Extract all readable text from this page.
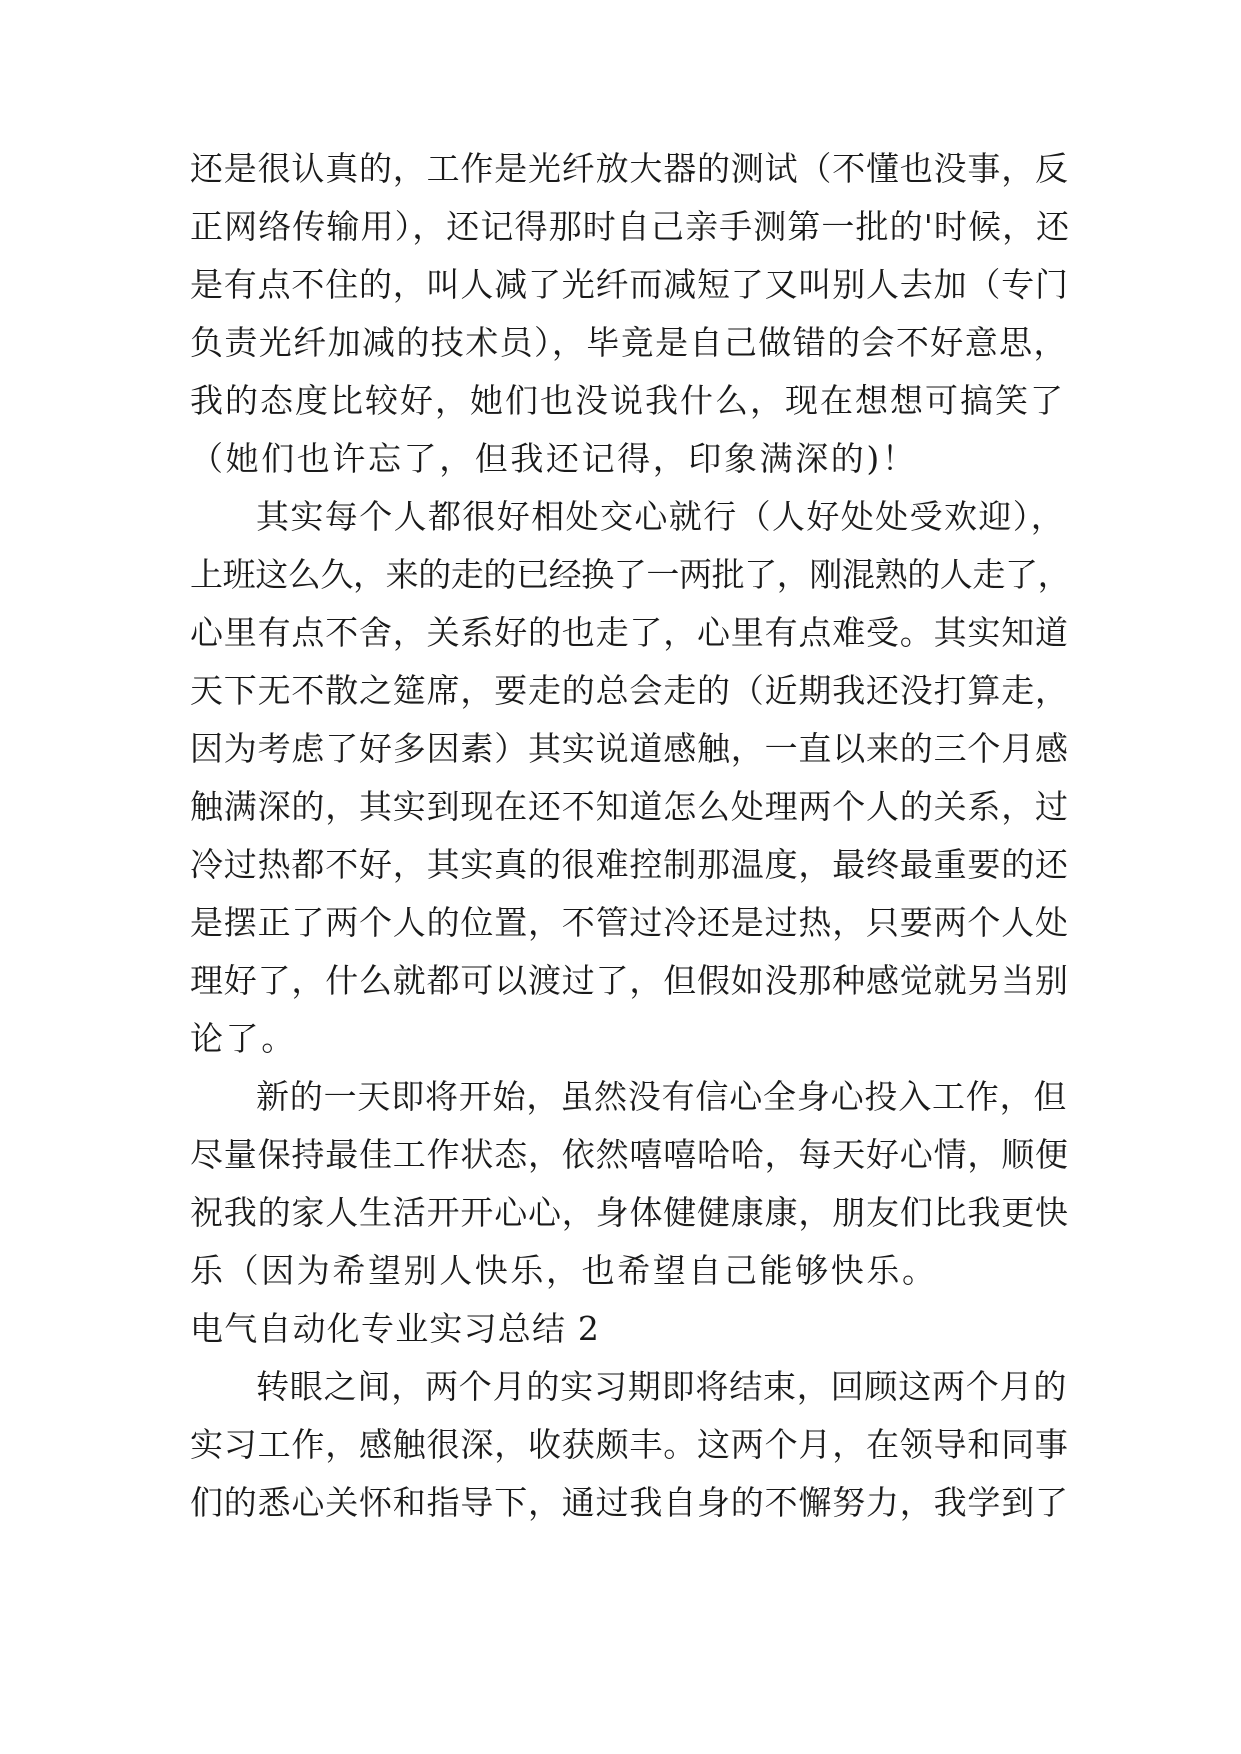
还是很认真的，工作是光纤放大器的测试（不懂也没事，反
正网络传输用），还记得那时自己亲手测第一批的'时候，还
是有点不住的，叫人减了光纤而减短了又叫别人去加（专门
负责光纤加减的技术员），毕竟是自己做错的会不好意思，
我的态度比较好，她们也没说我什么，现在想想可搞笑了
（她们也许忘了，但我还记得，印象满深的)！
其实每个人都很好相处交心就行（人好处处受欢迎），
上班这么久，来的走的已经换了一两批了，刚混熟的人走了，
心里有点不舍，关系好的也走了，心里有点难受。其实知道
天下无不散之筵席，要走的总会走的（近期我还没打算走，
因为考虑了好多因素）其实说道感触，一直以来的三个月感
触满深的，其实到现在还不知道怎么处理两个人的关系，过
冷过热都不好，其实真的很难控制那温度，最终最重要的还
是摆正了两个人的位置，不管过冷还是过热，只要两个人处
理好了，什么就都可以渡过了，但假如没那种感觉就另当别
论了。
新的一天即将开始，虽然没有信心全身心投入工作，但
尽量保持最佳工作状态，依然嘻嘻哈哈，每天好心情，顺便
祝我的家人生活开开心心，身体健健康康，朋友们比我更快
乐（因为希望别人快乐，也希望自己能够快乐。
电气自动化专业实习总结 2
转眼之间，两个月的实习期即将结束，回顾这两个月的
实习工作，感触很深，收获颇丰。这两个月，在领导和同事
们的悉心关怀和指导下，通过我自身的不懈努力，我学到了
